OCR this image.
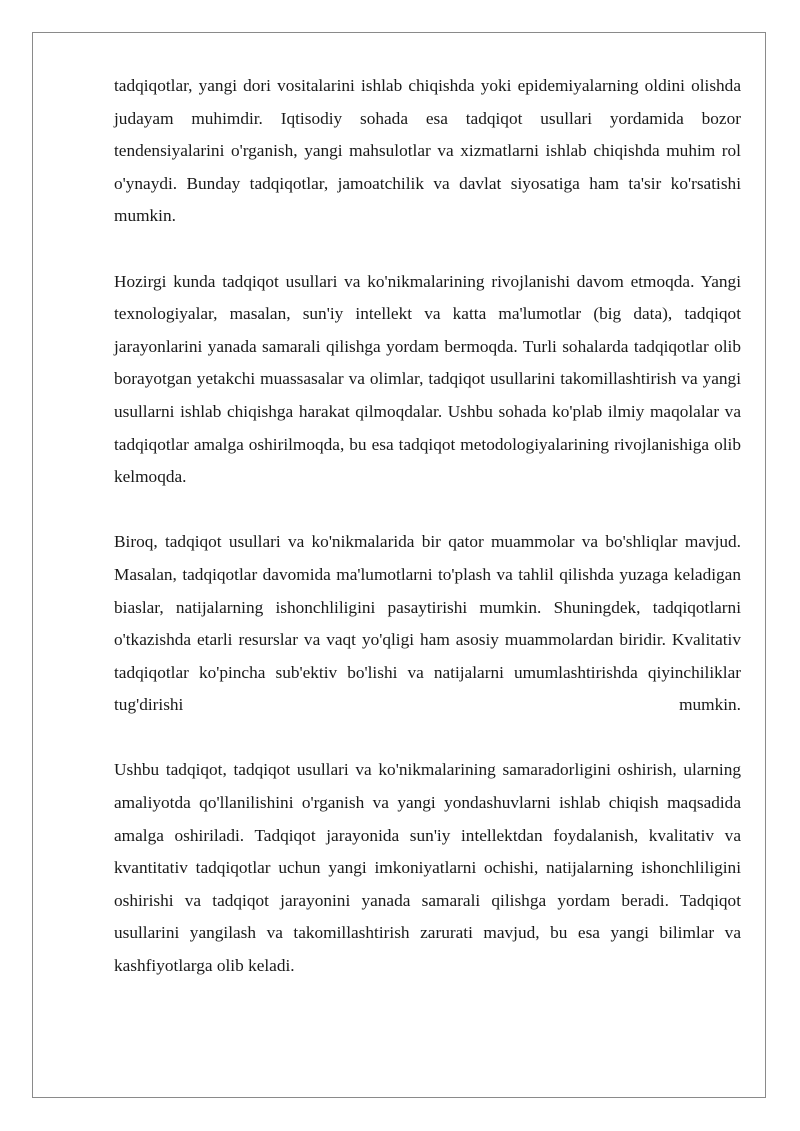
tadqiqotlar, yangi dori vositalarini ishlab chiqishda yoki epidemiyalarning oldini olishda judayam muhimdir. Iqtisodiy sohada esa tadqiqot usullari yordamida bozor tendensiyalarini o'rganish, yangi mahsulotlar va xizmatlarni ishlab chiqishda muhim rol o'ynaydi. Bunday tadqiqotlar, jamoatchilik va davlat siyosatiga ham ta'sir ko'rsatishi mumkin.

Hozirgi kunda tadqiqot usullari va ko'nikmalarining rivojlanishi davom etmoqda. Yangi texnologiyalar, masalan, sun'iy intellekt va katta ma'lumotlar (big data), tadqiqot jarayonlarini yanada samarali qilishga yordam bermoqda. Turli sohalarda tadqiqotlar olib borayotgan yetakchi muassasalar va olimlar, tadqiqot usullarini takomillashtirish va yangi usullarni ishlab chiqishga harakat qilmoqdalar. Ushbu sohada ko'plab ilmiy maqolalar va tadqiqotlar amalga oshirilmoqda, bu esa tadqiqot metodologiyalarining rivojlanishiga olib kelmoqda.

Biroq, tadqiqot usullari va ko'nikmalarida bir qator muammolar va bo'shliqlar mavjud. Masalan, tadqiqotlar davomida ma'lumotlarni to'plash va tahlil qilishda yuzaga keladigan biaslar, natijalarning ishonchliligini pasaytirishi mumkin. Shuningdek, tadqiqotlarni o'tkazishda etarli resurslar va vaqt yo'qligi ham asosiy muammolardan biridir. Kvalitativ tadqiqotlar ko'pincha sub'ektiv bo'lishi va natijalarni umumlashtirishda qiyinchiliklar tug'dirishi mumkin.

Ushbu tadqiqot, tadqiqot usullari va ko'nikmalarining samaradorligini oshirish, ularning amaliyotda qo'llanilishini o'rganish va yangi yondashuvlarni ishlab chiqish maqsadida amalga oshiriladi. Tadqiqot jarayonida sun'iy intellektdan foydalanish, kvalitativ va kvantitativ tadqiqotlar uchun yangi imkoniyatlarni ochishi, natijalarning ishonchliligini oshirishi va tadqiqot jarayonini yanada samarali qilishga yordam beradi. Tadqiqot usullarini yangilash va takomillashtirish zarurati mavjud, bu esa yangi bilimlar va kashfiyotlarga olib keladi.
